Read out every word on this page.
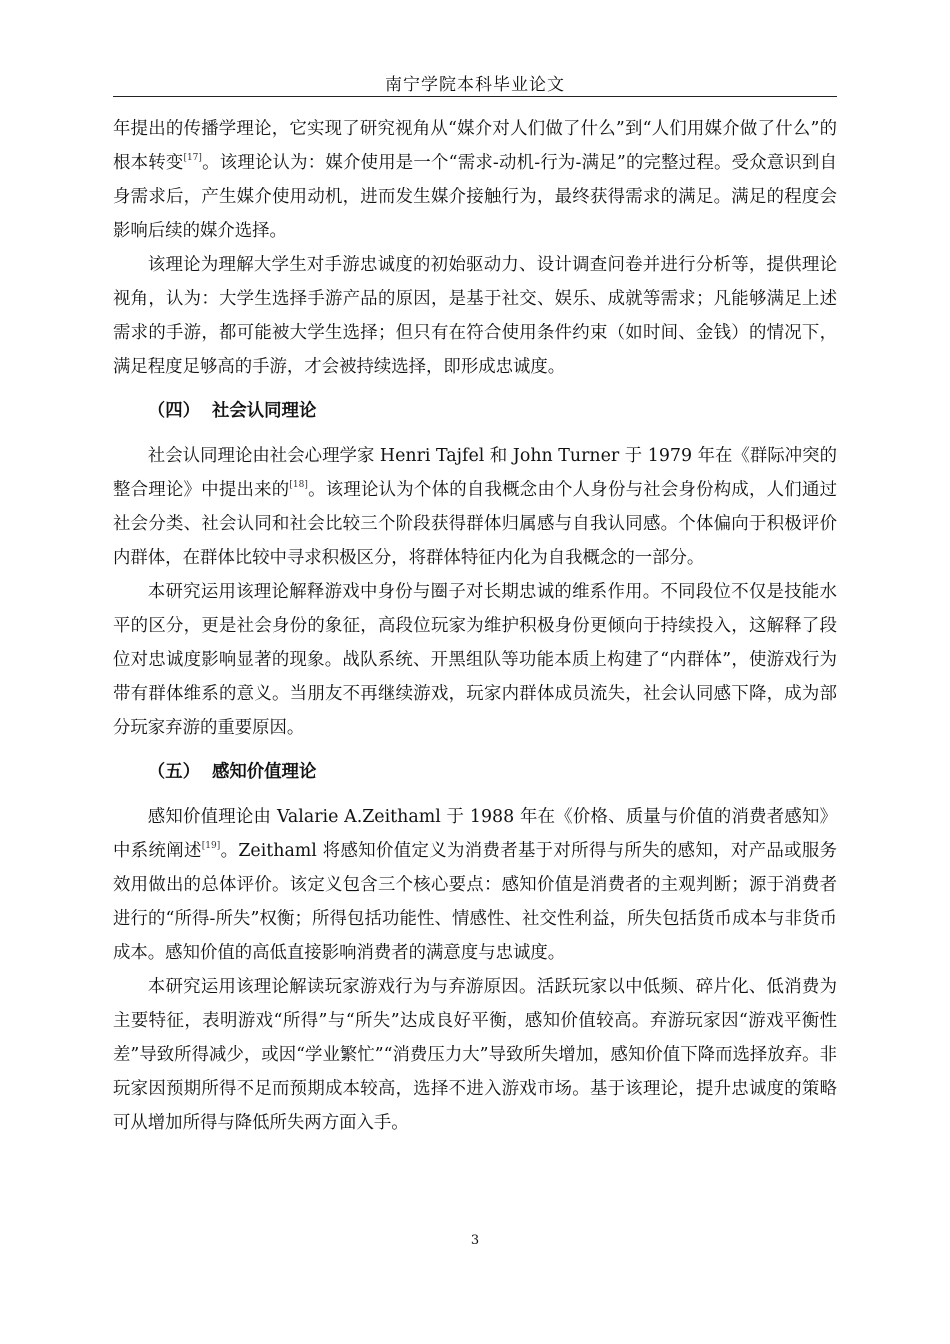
南宁学院本科毕业论文

年提出的传播学理论，它实现了研究视角从“媒介对人们做了什么”到“人们用媒介做了什么”的根本转变[17]。该理论认为：媒介使用是一个“需求-动机-行为-满足”的完整过程。受众意识到自身需求后，产生媒介使用动机，进而发生媒介接触行为，最终获得需求的满足。满足的程度会影响后续的媒介选择。

该理论为理解大学生对手游忠诚度的初始驱动力、设计调查问卷并进行分析等，提供理论视角，认为：大学生选择手游产品的原因，是基于社交、娱乐、成就等需求；凡能够满足上述需求的手游，都可能被大学生选择；但只有在符合使用条件约束（如时间、金钱）的情况下，满足程度足够高的手游，才会被持续选择，即形成忠诚度。

（四） 社会认同理论

社会认同理论由社会心理学家 Henri Tajfel 和 John Turner 于 1979 年在《群际冲突的整合理论》中提出来的[18]。该理论认为个体的自我概念由个人身份与社会身份构成，人们通过社会分类、社会认同和社会比较三个阶段获得群体归属感与自我认同感。个体偏向于积极评价内群体，在群体比较中寻求积极区分，将群体特征内化为自我概念的一部分。

本研究运用该理论解释游戏中身份与圈子对长期忠诚的维系作用。不同段位不仅是技能水平的区分，更是社会身份的象征，高段位玩家为维护积极身份更倾向于持续投入，这解释了段位对忠诚度影响显著的现象。战队系统、开黑组队等功能本质上构建了“内群体”，使游戏行为带有群体维系的意义。当朋友不再继续游戏，玩家内群体成员流失，社会认同感下降，成为部分玩家弃游的重要原因。

（五） 感知价值理论

感知价值理论由 Valarie A.Zeithaml 于 1988 年在《价格、质量与价值的消费者感知》中系统阐述[19]。Zeithaml 将感知价值定义为消费者基于对所得与所失的感知，对产品或服务效用做出的总体评价。该定义包含三个核心要点：感知价值是消费者的主观判断；源于消费者进行的“所得-所失”权衡；所得包括功能性、情感性、社交性利益，所失包括货币成本与非货币成本。感知价值的高低直接影响消费者的满意度与忠诚度。

本研究运用该理论解读玩家游戏行为与弃游原因。活跃玩家以中低频、碎片化、低消费为主要特征，表明游戏“所得”与“所失”达成良好平衡，感知价值较高。弃游玩家因“游戏平衡性差”导致所得减少，或因“学业繁忙”“消费压力大”导致所失增加，感知价值下降而选择放弃。非玩家因预期所得不足而预期成本较高，选择不进入游戏市场。基于该理论，提升忠诚度的策略可从增加所得与降低所失两方面入手。

3
